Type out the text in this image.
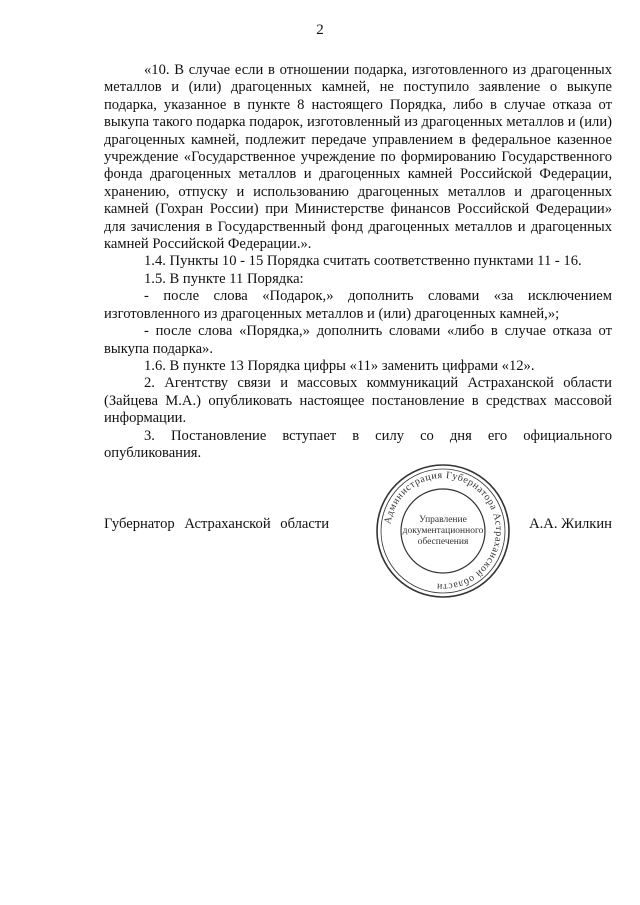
2

«10. В случае если в отношении подарка, изготовленного из драгоценных металлов и (или) драгоценных камней, не поступило заявление о выкупе подарка, указанное в пункте 8 настоящего Порядка, либо в случае отказа от выкупа такого подарка подарок, изготовленный из драгоценных металлов и (или) драгоценных камней, подлежит передаче управлением в федеральное казенное учреждение «Государственное учреждение по формированию Государственного фонда драгоценных металлов и драгоценных камней Российской Федерации, хранению, отпуску и использованию драгоценных металлов и драгоценных камней (Гохран России) при Министерстве финансов Российской Федерации» для зачисления в Государственный фонд драгоценных металлов и драгоценных камней Российской Федерации.».

1.4. Пункты 10 - 15 Порядка считать соответственно пунктами 11 - 16.

1.5. В пункте 11 Порядка:

- после слова «Подарок,» дополнить словами «за исключением изготовленного из драгоценных металлов и (или) драгоценных камней,»;

- после слова «Порядка,» дополнить словами «либо в случае отказа от выкупа подарка».

1.6. В пункте 13 Порядка цифры «11» заменить цифрами «12».

2. Агентству связи и массовых коммуникаций Астраханской области (Зайцева М.А.) опубликовать настоящее постановление в средствах массовой информации.

3. Постановление вступает в силу со дня его официального опубликования.

Губернатор Астраханской области	А.А. Жилкин
Администрация Губернатора Астраханской области
Управление
документационного
обеспечения
